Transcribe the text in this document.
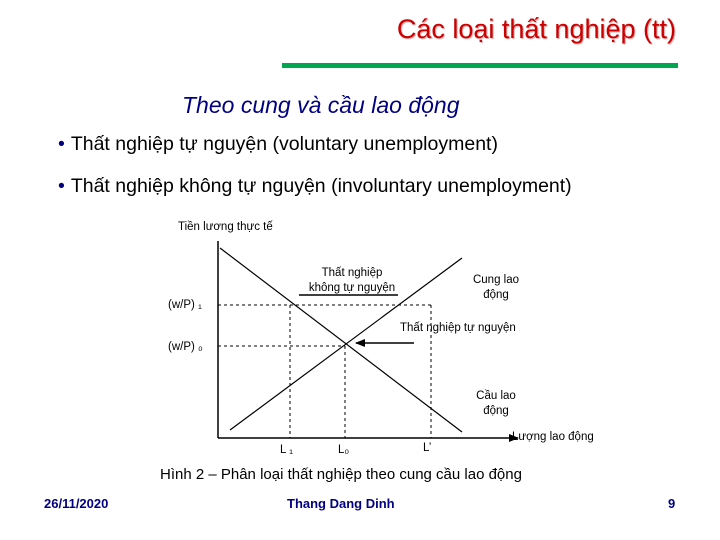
Các loại thất nghiệp (tt)
Theo cung và cầu lao động
• Thất nghiệp tự nguyện (voluntary unemployment)
• Thất nghiệp không tự nguyện (involuntary unemployment)
Tiền lương thực tế
Lượng lao động
(w/P) ₁
(w/P) ₀
L ₁	L₀	L’
Thất nghiệp
không tự nguyện
Thất nghiệp tự nguyện
Cung lao
động
Cầu lao
động
Hình 2 – Phân loại thất nghiệp theo cung cầu lao động
26/11/2020	Thang Dang Dinh	9
